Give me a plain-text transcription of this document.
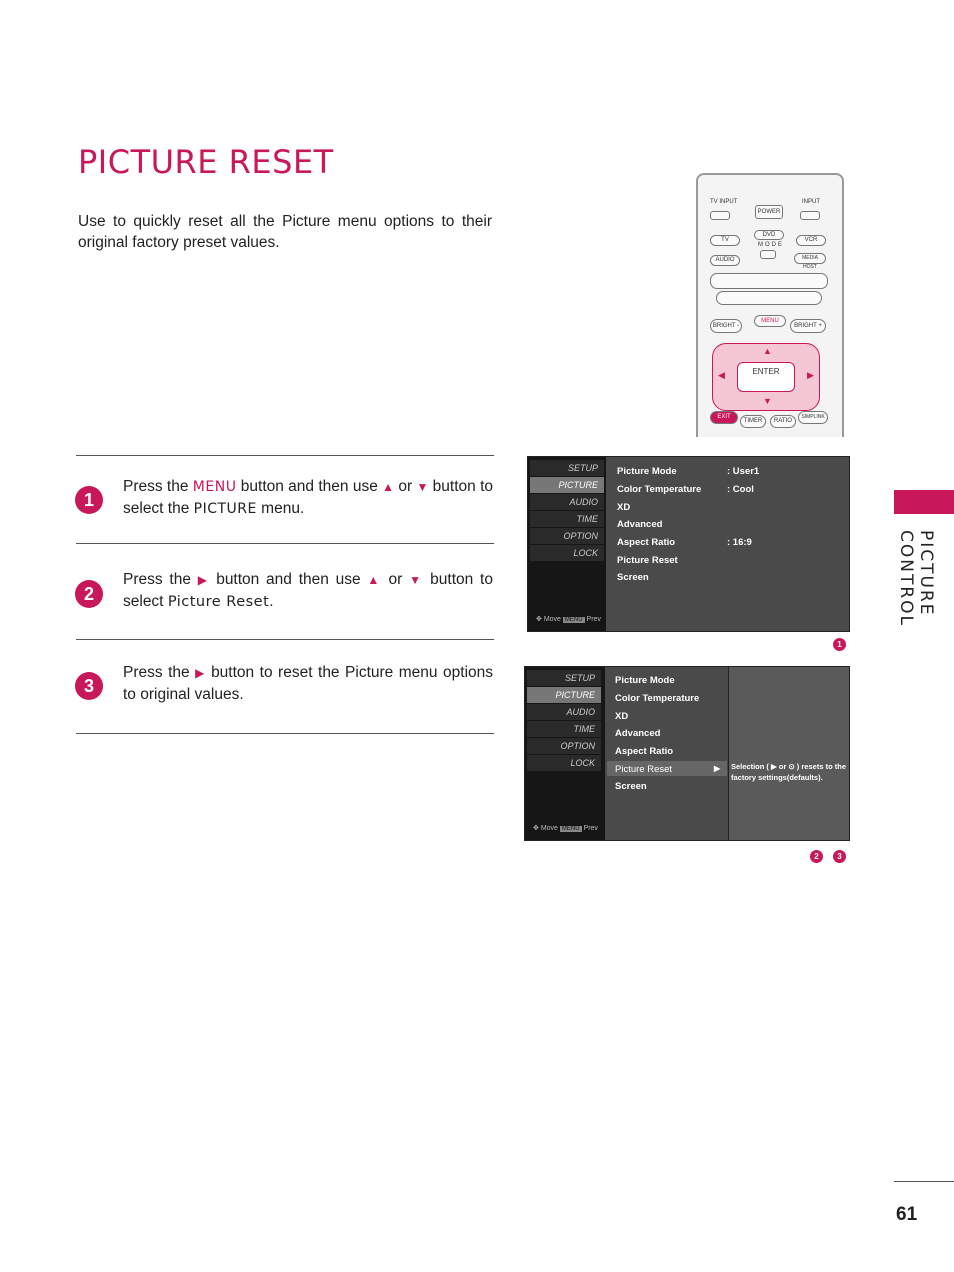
PICTURE RESET
Use to quickly reset all the Picture menu options to their original factory preset values.
TV INPUT
POWER
INPUT
TV
DVD
VCR
MODE
AUDIO	MEDIA HOST
BRIGHT -
MENU
BRIGHT +
ENTER
▲
▼
◀	▶
EXIT
TIMER	RATIO
SIMPLINK
1
Press the MENU button and then use ▲ or ▼ button to select the PICTURE menu.
2
Press the ▶ button and then use ▲ or ▼ button to select Picture Reset.
3
Press the ▶ button to reset the Picture menu options to original values.
SETUP
PICTURE
AUDIO
TIME
OPTION
LOCK
✥ Move MENU Prev
Picture Mode	: User1
Color Temperature	: Cool
XD
Advanced
Aspect Ratio	: 16:9
Picture Reset
Screen
1
SETUP
PICTURE
AUDIO
TIME
OPTION
LOCK
✥ Move MENU Prev
Picture Mode
Color Temperature
XD
Advanced
Aspect Ratio
Picture Reset	▶
Screen
Selection ( ▶ or ⊙ ) resets to the factory settings(defaults).
2	3
PICTURE CONTROL
61
